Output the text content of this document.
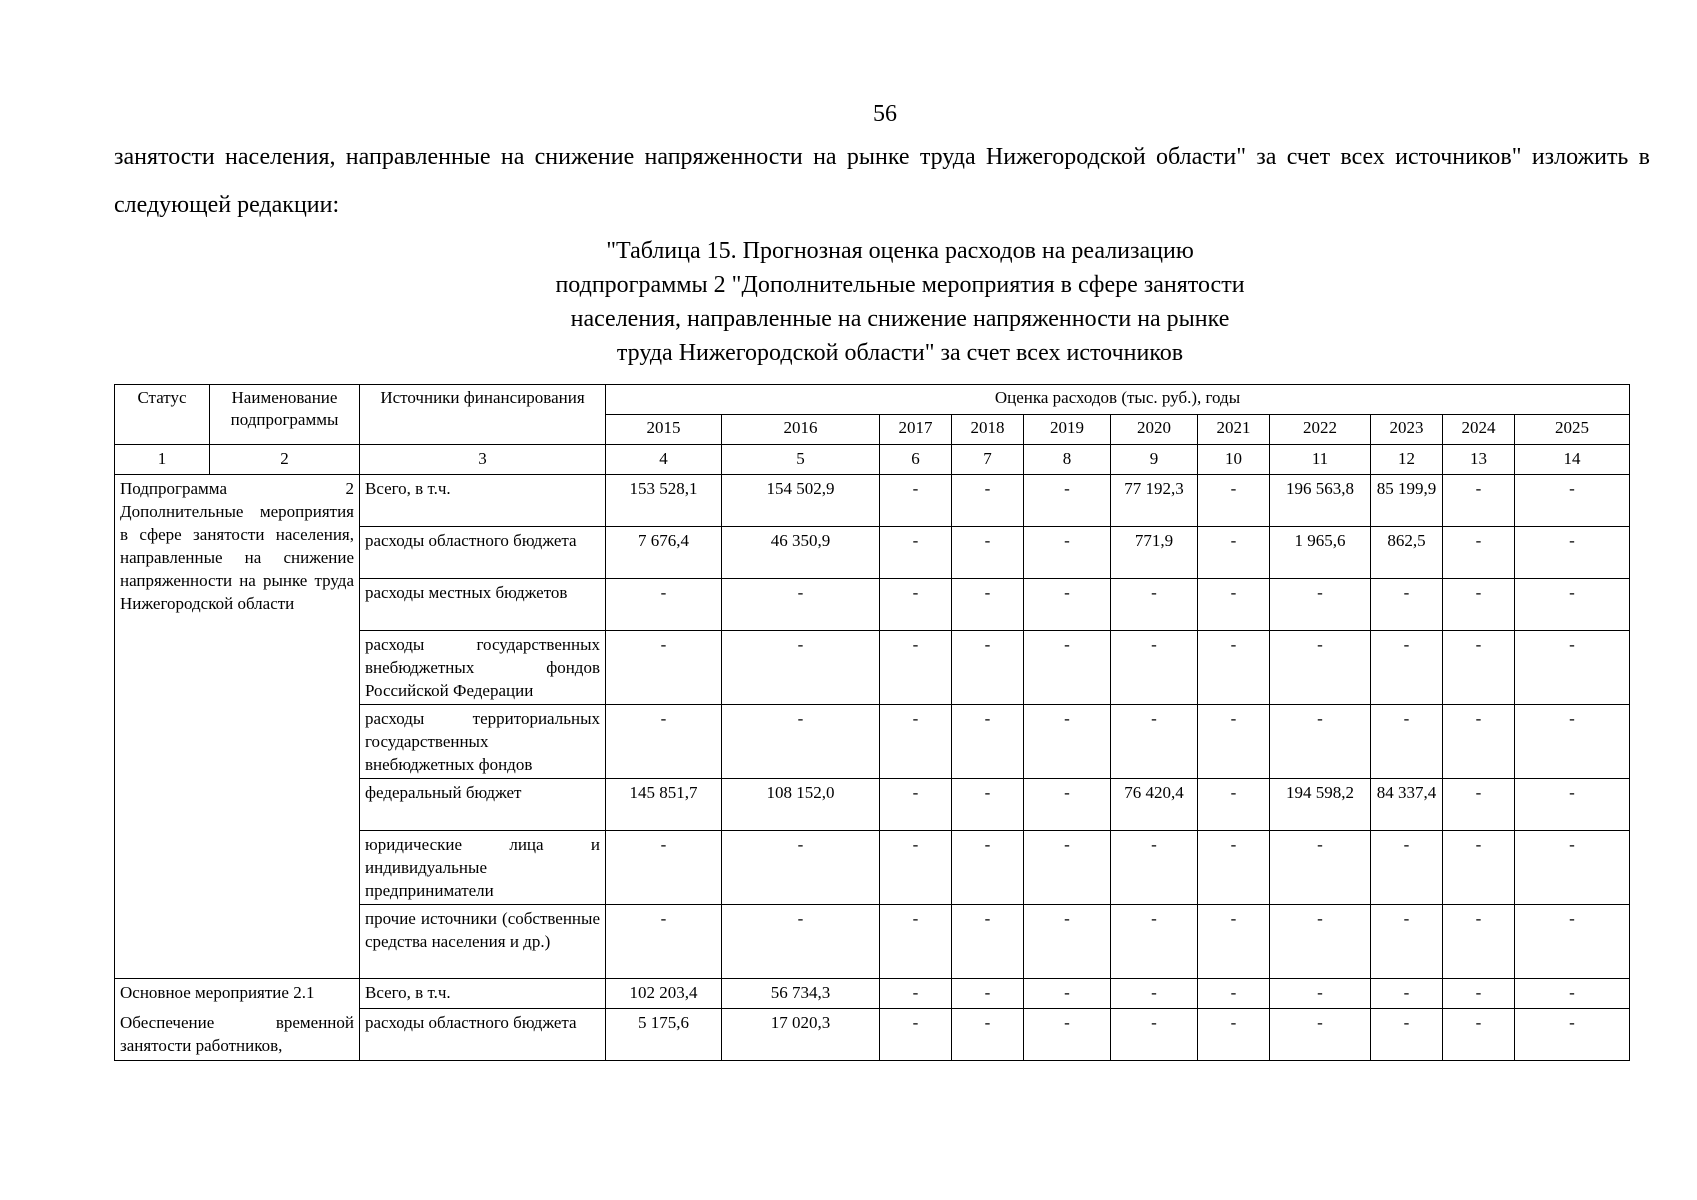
56
занятости населения, направленные на снижение напряженности на рынке труда Нижегородской области" за счет всех источников" изложить в следующей редакции:
"Таблица 15. Прогнозная оценка расходов на реализацию
подпрограммы 2 "Дополнительные мероприятия в сфере занятости
населения, направленные на снижение напряженности на рынке
труда Нижегородской области" за счет всех источников
Статус	Наименование подпрограммы	Источники финансирования	Оценка расходов (тыс. руб.), годы										
			2015	2016	2017	2018	2019	2020	2021	2022	2023	2024	2025
1	2	3	4	5	6	7	8	9	10	11	12	13	14
Подпрограмма 2 Дополнительные мероприятия в сфере занятости населения, направленные на снижение напряженности на рынке труда Нижегородской области		Всего, в т.ч.	153 528,1	154 502,9	-	-	-	77 192,3	-	196 563,8	85 199,9	-	-
		расходы областного бюджета	7 676,4	46 350,9	-	-	-	771,9	-	1 965,6	862,5	-	-
		расходы местных бюджетов	-	-	-	-	-	-	-	-	-	-	-
		расходы государственных внебюджетных фондов Российской Федерации	-	-	-	-	-	-	-	-	-	-	-
		расходы территориальных государственных внебюджетных фондов	-	-	-	-	-	-	-	-	-	-	-
		федеральный бюджет	145 851,7	108 152,0	-	-	-	76 420,4	-	194 598,2	84 337,4	-	-
		юридические лица и индивидуальные предприниматели	-	-	-	-	-	-	-	-	-	-	-
		прочие источники (собственные средства населения и др.)	-	-	-	-	-	-	-	-	-	-	-
Основное мероприятие 2.1		Всего, в т.ч.	102 203,4	56 734,3	-	-	-	-	-	-	-	-	-
Обеспечение временной занятости работников,		расходы областного бюджета	5 175,6	17 020,3	-	-	-	-	-	-	-	-	-
